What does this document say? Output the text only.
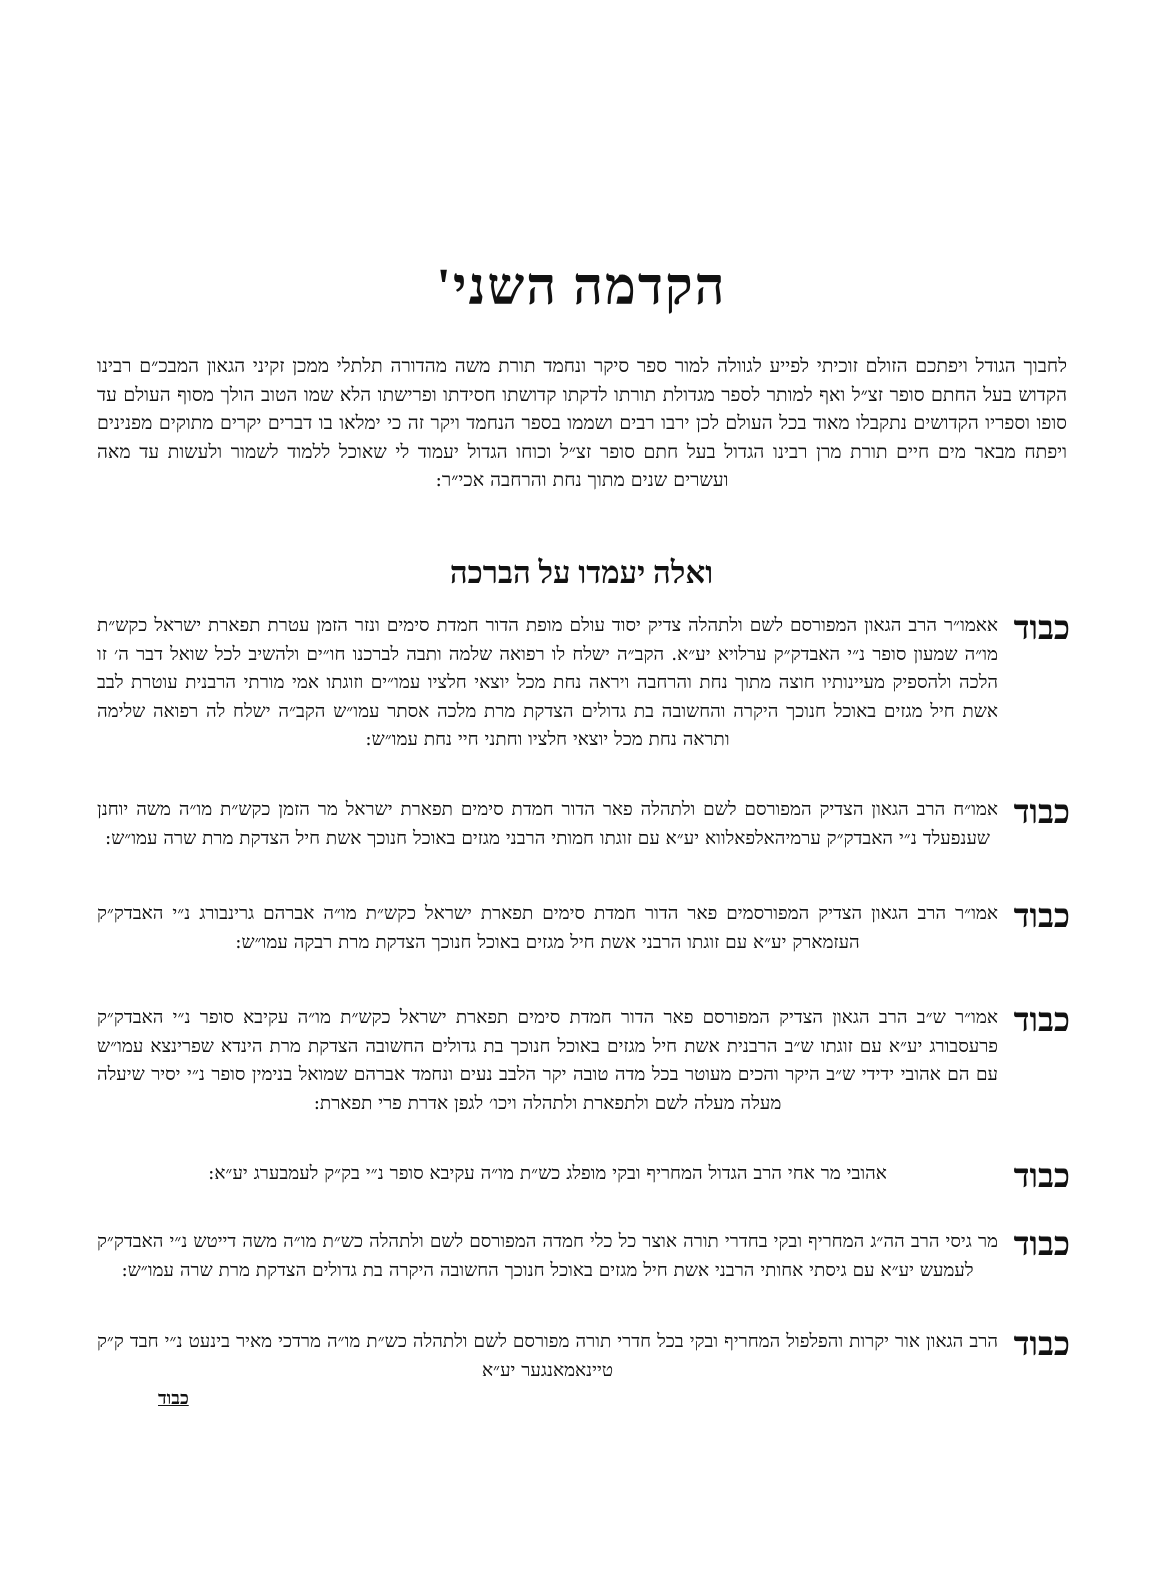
הקדמה השני'

לחבוך הגודל ויפתכם הזולם זוכיתי לפייע לגוולה למור ספר סיקר ונחמד תורת משה מהדורה תלתלי ממכן זקיני הגאון המבכ״ם רבינו הקדוש בעל החתם סופר זצ״ל ואף למותר לספר מגדולת תורתו לדקתו קדושתו חסידתו ופרישתו הלא שמו הטוב הולך מסוף העולם עד סופו וספריו הקדושים נתקבלו מאוד בכל העולם לכן ירבו רבים ושממו בספר הנחמד ויקר זה כי ימלאו בו דברים יקרים מתוקים מפנינים ויפתח מבאר מים חיים תורת מרן רבינו הגדול בעל חתם סופר זצ״ל וכוחו הגדול יעמוד לי שאוכל ללמוד לשמור ולעשות עד מאה ועשרים שנים מתוך נחת והרחבה אכי״ר:

ואלה יעמדו על הברכה
כבוד
אאמו״ר הרב הגאון המפורסם לשם ולתהלה צדיק יסוד עולם מופת הדור חמדת סימים ונזר הזמן עטרת תפארת ישראל כקש״ת מו״ה שמעון סופר נ״י האבדק״ק ערלויא יע״א. הקב״ה ישלח לו רפואה שלמה ותבה לברכנו חו״ים ולהשיב לכל שואל דבר ה׳ זו הלכה ולהספיק מעיינותיו חוצה מתוך נחת והרחבה ויראה נחת מכל יוצאי חלציו עמו״ים וזוגתו אמי מורתי הרבנית עוטרת לבב אשת חיל מגזים באוכל חנוכך היקרה והחשובה בת גדולים הצדקת מרת מלכה אסתר עמו״ש הקב״ה ישלח לה רפואה שלימה ותראה נחת מכל יוצאי חלציו וחתני חיי נחת עמו״ש:
כבוד
אמו״ח הרב הגאון הצדיק המפורסם לשם ולתהלה פאר הדור חמדת סימים תפארת ישראל מר הזמן כקש״ת מו״ה משה יוחנן שענפעלד נ״י האבדק״ק ערמיהאלפאלווא יע״א עם זוגתו חמותי הרבני מגזים באוכל חנוכך אשת חיל הצדקת מרת שרה עמו״ש:
כבוד
אמו״ר הרב הגאון הצדיק המפורסמים פאר הדור חמדת סימים תפארת ישראל כקש״ת מו״ה אברהם גרינבורג נ״י האבדק״ק העזמארק יע״א עם זוגתו הרבני אשת חיל מגזים באוכל חנוכך הצדקת מרת רבקה עמו״ש:
כבוד
אמו״ר ש״ב הרב הגאון הצדיק המפורסם פאר הדור חמדת סימים תפארת ישראל כקש״ת מו״ה עקיבא סופר נ״י האבדק״ק פרעסבורג יע״א עם זוגתו ש״ב הרבנית אשת חיל מגזים באוכל חנוכך בת גדולים החשובה הצדקת מרת הינדא שפרינצא עמו״ש עם הם אהובי ידידי ש״ב היקר והכים מעוטר בכל מדה טובה יקר הלבב נעים ונחמד אברהם שמואל בנימין סופר נ״י יסיר שיעלה מעלה מעלה לשם ולתפארת ולתהלה ויכו׳ לגפן אדרת פרי תפארת:
כבוד
אהובי מר אחי הרב הגדול המחריף ובקי מופלג כש״ת מו״ה עקיבא סופר נ״י בק״ק לעמבערג יע״א:
כבוד
מר גיסי הרב הה״ג המחריף ובקי בחדרי תורה אוצר כל כלי חמדה המפורסם לשם ולתהלה כש״ת מו״ה משה דייטש נ״י האבדק״ק לעמעש יע״א עם גיסתי אחותי הרבני אשת חיל מגזים באוכל חנוכך החשובה היקרה בת גדולים הצדקת מרת שרה עמו״ש:
כבוד
הרב הגאון אור יקרות והפלפול המחריף ובקי בכל חדרי תורה מפורסם לשם ולתהלה כש״ת מו״ה מרדכי מאיר בינעט נ״י חבד ק״ק טיינאמאנגער יע״א
כבוד
